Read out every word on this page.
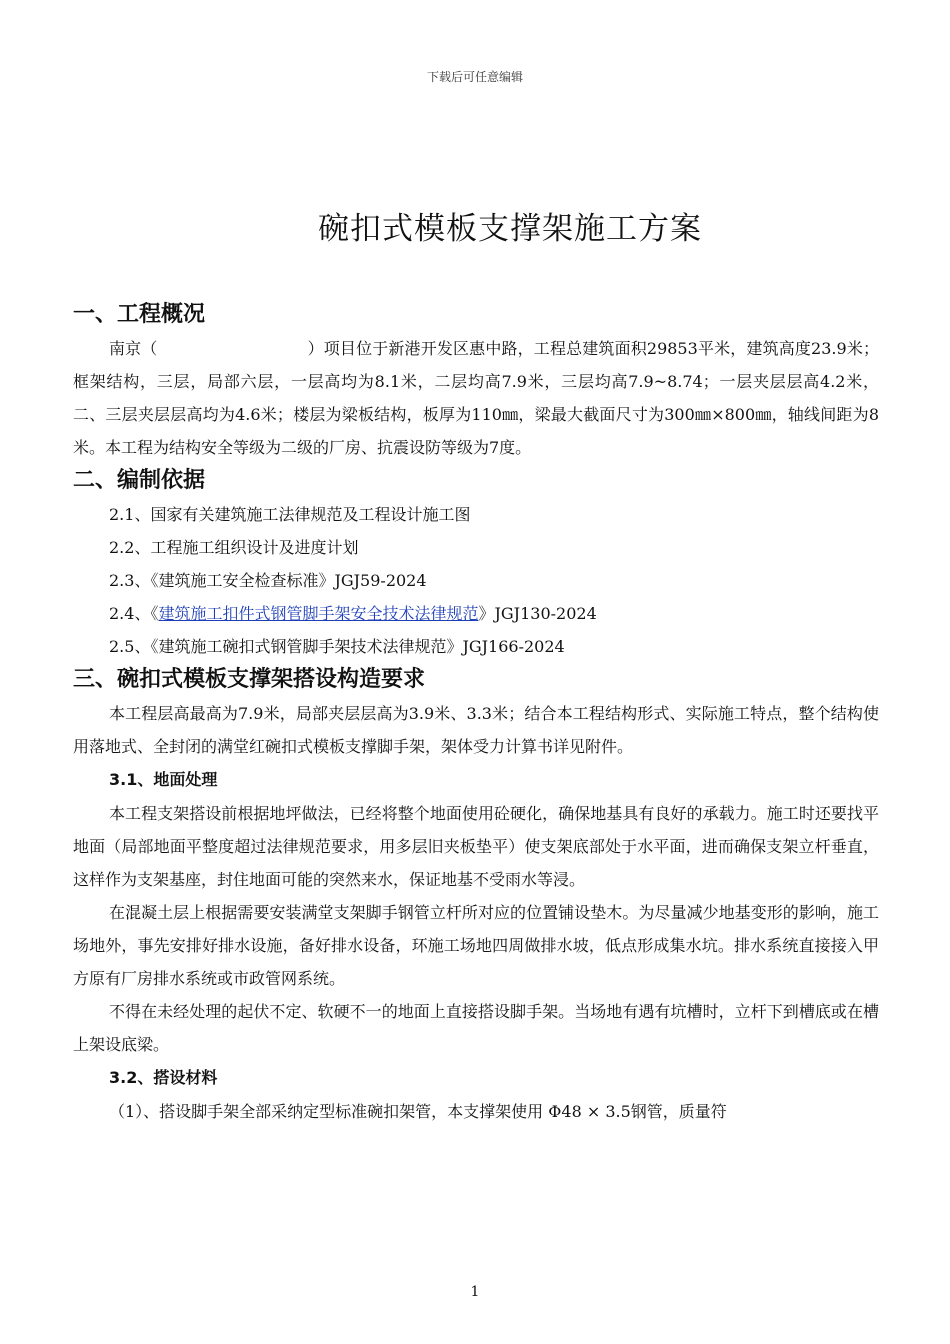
下载后可任意编辑
碗扣式模板支撑架施工方案
一、工程概况

南京（	）项目位于新港开发区惠中路，工程总建筑面积29853平米，建筑高度23.9米；框架结构，三层，局部六层，一层高均为8.1米，二层均高7.9米，三层均高7.9~8.74；一层夹层层高4.2米，二、三层夹层层高均为4.6米；楼层为梁板结构，板厚为110㎜，梁最大截面尺寸为300㎜×800㎜，轴线间距为8米。本工程为结构安全等级为二级的厂房、抗震设防等级为7度。

二、编制依据

2.1、国家有关建筑施工法律规范及工程设计施工图

2.2、工程施工组织设计及进度计划

2.3、《建筑施工安全检查标准》JGJ59-2024

2.4、《建筑施工扣件式钢管脚手架安全技术法律规范》JGJ130-2024

2.5、《建筑施工碗扣式钢管脚手架技术法律规范》JGJ166-2024

三、碗扣式模板支撑架搭设构造要求

本工程层高最高为7.9米，局部夹层层高为3.9米、3.3米；结合本工程结构形式、实际施工特点，整个结构使用落地式、全封闭的满堂红碗扣式模板支撑脚手架，架体受力计算书详见附件。

3.1、地面处理

本工程支架搭设前根据地坪做法，已经将整个地面使用砼硬化，确保地基具有良好的承载力。施工时还要找平地面（局部地面平整度超过法律规范要求，用多层旧夹板垫平）使支架底部处于水平面，进而确保支架立杆垂直，这样作为支架基座，封住地面可能的突然来水，保证地基不受雨水等浸。

在混凝土层上根据需要安装满堂支架脚手钢管立杆所对应的位置铺设垫木。为尽量减少地基变形的影响，施工场地外，事先安排好排水设施，备好排水设备，环施工场地四周做排水坡，低点形成集水坑。排水系统直接接入甲方原有厂房排水系统或市政管网系统。

不得在未经处理的起伏不定、软硬不一的地面上直接搭设脚手架。当场地有遇有坑槽时，立杆下到槽底或在槽上架设底梁。

3.2、搭设材料

（1）、搭设脚手架全部采纳定型标准碗扣架管，本支撑架使用 Φ48 × 3.5钢管，质量符

1
